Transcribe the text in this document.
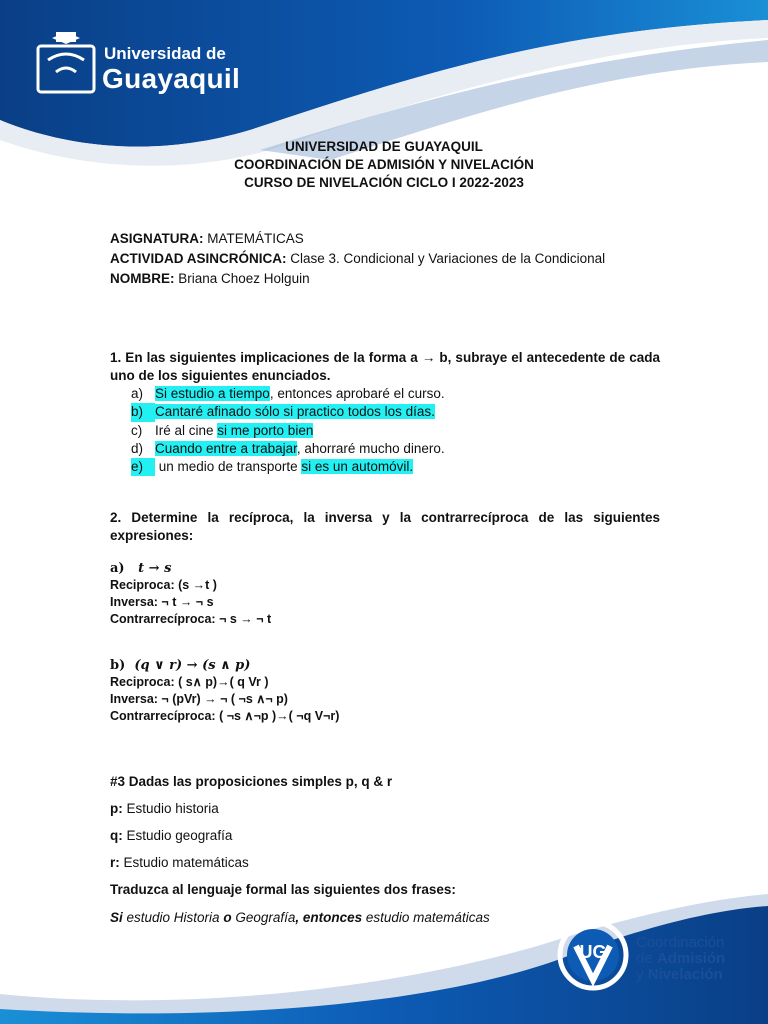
Universidad de
Guayaquil
UNIVERSIDAD DE GUAYAQUIL
COORDINACIÓN DE ADMISIÓN Y NIVELACIÓN
CURSO DE NIVELACIÓN CICLO I 2022-2023
ASIGNATURA: MATEMÁTICAS
ACTIVIDAD ASINCRÓNICA: Clase 3. Condicional y Variaciones de la Condicional
NOMBRE: Briana Choez Holguin
1. En las siguientes implicaciones de la forma a → b, subraye el antecedente de cada uno de los siguientes enunciados.
a) Si estudio a tiempo, entonces aprobaré el curso.
b) Cantaré afinado sólo si practico todos los días.
c) Iré al cine si me porto bien
d) Cuando entre a trabajar, ahorraré mucho dinero.
e) un medio de transporte si es un automóvil.
2. Determine la recíproca, la inversa y la contrarrecíproca de las siguientes expresiones:
a) t → s
Reciproca: (s →t )
Inversa: ¬ t → ¬ s
Contrarrecíproca: ¬ s → ¬ t
b) (q ∨ r) → (s ∧ p)
Reciproca: ( s∧ p)→( q Vr )
Inversa: ¬ (pVr) → ¬ ( ¬s ∧¬ p)
Contrarrecíproca: ( ¬s ∧¬p )→( ¬q V¬r)
#3 Dadas las proposiciones simples p, q & r
p: Estudio historia
q: Estudio geografía
r: Estudio matemáticas
Traduzca al lenguaje formal las siguientes dos frases:
Si estudio Historia o Geografía, entonces estudio matemáticas
UG Coordinación
de Admisión
y Nivelación
